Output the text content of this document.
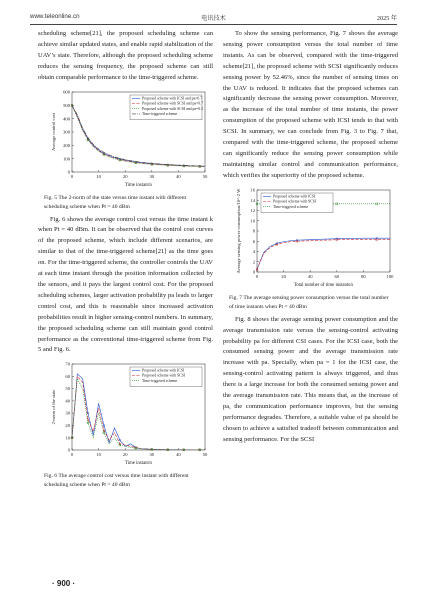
www.teleonline.cn	电讯技术	2025 年

scheduling scheme[21], the proposed scheduling scheme can achieve similar updated states, and enable rapid stabilization of the UAV’s state. Therefore, although the proposed scheduling scheme reduces the sensing frequency, the proposed scheme can still obtain comparable performance to the time-triggered scheme.

0
100
200
300
400
500
600
0	10	20	30	40	50
Time instant/s
Average control cost
Proposed scheme with ICSI and pa=0.7
Proposed scheme with SCSI and pa=0.7
Proposed scheme with SCSI and pa=0.5
Time-triggered scheme
Fig. 5 The 2-norm of the state versus time instant with different scheduling scheme when Pt = 40 dBm

Fig. 6 shows the average control cost versus the time instant k when Pt = 40 dBm. It can be observed that the control cost curves of the proposed scheme, which include different scenarios, are similar to that of the time-triggered scheme[21] as the time goes on. For the time-triggered scheme, the controller controls the UAV at each time instant through the position information collected by the sensors, and it pays the largest control cost. For the proposed scheduling schemes, larger activation probability pa leads to larger control cost, and this is reasonable since increased activation probabilities result in higher sensing-control numbers. In summary, the proposed scheduling scheme can still maintain good control performance as the conventional time-triggered scheme from Fig. 5 and Fig. 6.

0
10
20
30
40
50
60
70
0	10	20	30	40	50
Time instant/s
2-norm of the state
Proposed scheme with ICSI
Proposed scheme with SCSI
Time-triggered scheme
Fig. 6 The average control cost versus time instant with different scheduling scheme when Pt = 40 dBm

To show the sensing performance, Fig. 7 shows the average sensing power consumption versus the total number of time instants. As can be observed, compared with the time-triggered scheme[21], the proposed scheme with SCSI significantly reduces sensing power by 52.46%, since the number of sensing times on the UAV is reduced. It indicates that the proposed schemes can significantly decrease the sensing power consumption. Moreover, as the increase of the total number of time instants, the power consumption of the proposed scheme with ICSI tends to that with SCSI. In summary, we can conclude from Fig. 3 to Fig. 7 that, compared with the time-triggered scheme, the proposed scheme can significantly reduce the sensing power consumption while maintaining similar control and communication performance, which verifies the superiority of the proposed scheme.

0
2
4
6
8
10
12
14
16
0	20	40	60	80	100
Total number of time instants/s
Average sensing power consumption/10^-2 W	Proposed scheme with ICSI
Proposed scheme with SCSI
Time-triggered scheme
Fig. 7 The average sensing power consumption versus the total number of time instants when Pt = 40 dBm

Fig. 8 shows the average sensing power consumption and the average transmission rate versus the sensing-control activating probability pa for different CSI cases. For the ICSI case, both the consumed sensing power and the average transmission rate increase with pa. Specially, when pa = 1 for the ICSI case, the sensing-control activating pattern is always triggered, and thus there is a large increase for both the consumed sensing power and the average transmission rate. This means that, as the increase of pa, the communication performance improves, but the sensing performance degrades. Therefore, a suitable value of pa should be chosen to achieve a satisfied tradeoff between communication and sensing performance. For the SCSI

· 900 ·
